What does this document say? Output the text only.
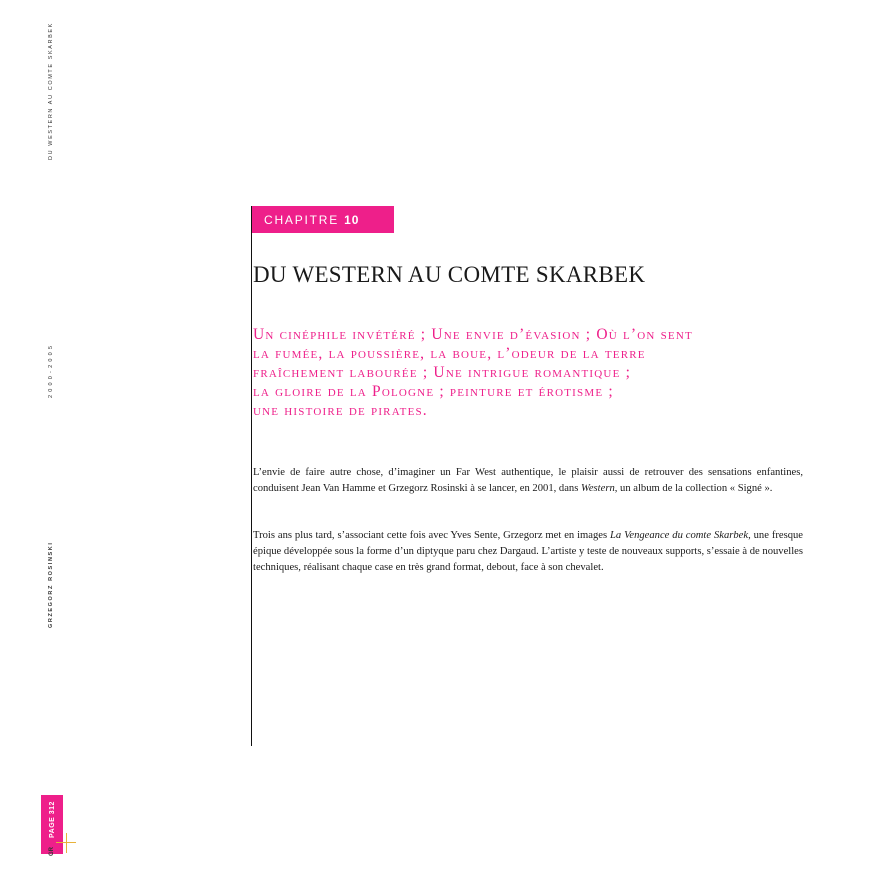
DU WESTERN AU COMTE SKARBEK
2000-2005
GRZEGORZ ROSINSKI
PAGE 312
GR
CHAPITRE 10
DU WESTERN AU COMTE SKARBEK
Un cinéphile invétéré ; Une envie d’évasion ; Où l’on sent
la fumée, la poussière, la boue, l’odeur de la terre
fraîchement labourée ; Une intrigue romantique ;
la gloire de la Pologne ; peinture et érotisme ;
une histoire de pirates.

L’envie de faire autre chose, d’imaginer un Far West authentique, le plaisir aussi de retrouver des sensations enfantines, conduisent Jean Van Hamme et Grzegorz Rosinski à se lancer, en 2001, dans Western, un album de la collection « Signé ».

Trois ans plus tard, s’associant cette fois avec Yves Sente, Grzegorz met en images La Vengeance du comte Skarbek, une fresque épique développée sous la forme d’un diptyque paru chez Dargaud. L’artiste y teste de nouveaux supports, s’essaie à de nouvelles techniques, réalisant chaque case en très grand format, debout, face à son chevalet.
